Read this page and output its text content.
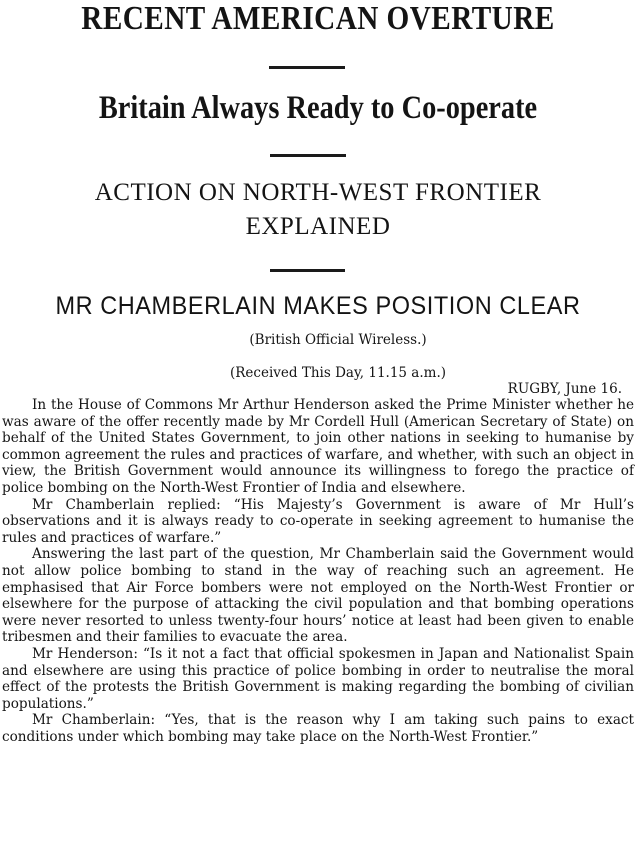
RECENT AMERICAN OVERTURE
Britain Always Ready to Co-operate
ACTION ON NORTH-WEST FRONTIER
EXPLAINED
MR CHAMBERLAIN MAKES POSITION CLEAR
(British Official Wireless.)
(Received This Day, 11.15 a.m.)
RUGBY, June 16.

In the House of Commons Mr Arthur Henderson asked the Prime Minister whether he was aware of the offer recently made by Mr Cordell Hull (American Secretary of State) on behalf of the United States Government, to join other nations in seeking to humanise by common agreement the rules and practices of warfare, and whether, with such an object in view, the British Government would announce its willingness to forego the practice of police bombing on the North-West Frontier of India and elsewhere.

Mr Chamberlain replied: “His Majesty’s Government is aware of Mr Hull’s observations and it is always ready to co-operate in seeking agreement to humanise the rules and practices of warfare.”

Answering the last part of the question, Mr Chamberlain said the Government would not allow police bombing to stand in the way of reaching such an agreement. He emphasised that Air Force bombers were not employed on the North-West Frontier or elsewhere for the purpose of attacking the civil population and that bombing operations were never resorted to unless twenty-four hours’ notice at least had been given to enable tribesmen and their families to evacuate the area.

Mr Henderson: “Is it not a fact that official spokesmen in Japan and Nationalist Spain and elsewhere are using this practice of police bombing in order to neutralise the moral effect of the protests the British Government is making regarding the bombing of civilian populations.”

Mr Chamberlain: “Yes, that is the reason why I am taking such pains to exact conditions under which bombing may take place on the North-West Frontier.”
